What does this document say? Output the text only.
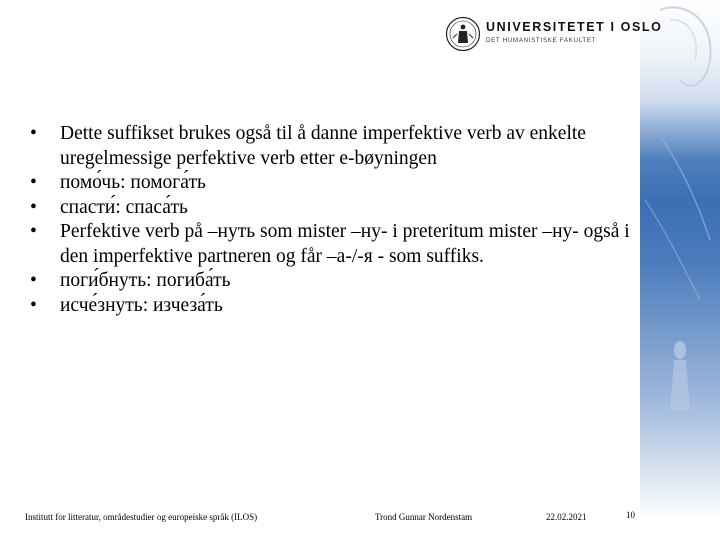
UNIVERSITETET I OSLO
DET HUMANISTISKE FAKULTET
• Dette suffikset brukes også til å danne imperfektive verb av enkelte uregelmessige perfektive verb etter e-bøyningen
• помо́чь: помога́ть
• спасти́: спаса́ть
• Perfektive verb på –нуть som mister –ну- i preteritum mister –ну- også i den imperfektive partneren og får –а-/-я - som suffiks.
• поги́бнуть: погиба́ть
• исче́знуть: изчеза́ть
Institutt for litteratur, områdestudier og europeiske språk (ILOS)	Trond Gunnar Nordenstam	22.02.2021	10
